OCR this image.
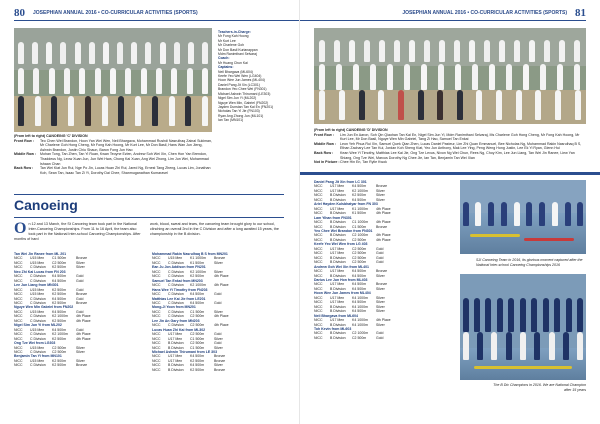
80 JOSEPHIAN ANNUAL 2016 • CO-CURRICULAR ACTIVITIES (SPORTS)
Teachers-in-Charge:
Mr Fong Kah Hoong
Mr Kurt Lee
Mr Charlene Goh
Mr Don Basil Kurianappan
Mdm Ranimthani Selvaraj
Coach:
Mr Huang Chun Kai
Captains:
Neil Bhargava (ML604)
Keefe Yeo Wei Wen (LG404)
Hoon Wee Jun James (ML404)
Daniel Pang Jit Xin (LC301)
Brandon Yeo Chee Wei (FN301)
Michael Ashwin Thirumani (LE303)
Nigel Sim Jun Yi (ML202)
Nguye Wen Min, Gabriel (FN202)
Jayden Dunstan Tan Kai En (FN201)
Nicholas Tan Yi Jie (FN103)
Ryan Ang Zhong Jun (ML101)
Ian Tan (MN101)
(From left to right) CANOEING 'C' DIVISION
Front Row :	Teo Chen Wei Brandon, Hoon Yan Wei Wen, Neil Bhargava, Mohammad Rushdi Nasrulhaq Zainal Sukiman, Mr Charlene Goh Hong Cheng, Mr Fong Kah Hoong, Mr Kurt Lee, Mr Don Basil, Hans Wan Jun Jieng, Ashwin Brandon, Justin Chiu Shaun, Baron Fong Jun Hao
Middle Row :	Mohan Tong, Tan Zhen, Tan Yi Ruan, Kwan Teoyne Ezlen, Andrew Soh Wei Xin, Chen Hon Yan Brendon, Thaddeus Ng, Leow Xuan Jun, Jun Wei Hwa, Chong Kai Xuan, Ang Wei Zhong, Lim Jun Wei, Mohammad Ishaan Chan
Back Row :	Tan Wei Kiat Jun Rui, Nge Po Jin, Lucas Huan Zhi Rui, Jared Ng, Ernest Tang Zheng, Lucas Lim, Jonathan Koh, Sean Tan, Isaac Tan Zi Yi, Dorothy Dai Chee, Shanmuganathan Kumaravel
Canoeing
On 12 and 13 March, the St Canoeing team took part in the National Inter-Canoeing Championships. From 11 to 16 April, the team also took part in the National Inter-school Canoeing Championships. After months of hard
work, blood, sweat and tears, the canoeing team brought glory to our school, clinching an overall 2nd in the C Division and after a long awaited 15 years, the championship in the B division.
Tan Wei Jin Ranee from ML 201
NICC	U15 Men	C1 500m	Bronze
NICC	U15 Men	C2 500m	Silver
NICC	C Division	K2 500m	Silver
Neo Zhi Kai Lucas from FN 203
NICC	C Division	K4 500m	Gold
NICC	C Division	K4 500m	Gold
Lee Jun Liang from MN301
NICC	U15 Men	K2 500m	Gold
NICC	U15 Men	K2 500m	Bronze
NICC	C Division	K4 500m	Gold
NICC	C Division	K2 500m	Bronze
Nguye Wen Min Gabriel from FN202
NICC	U15 Men	K4 500m	Gold
NICC	C Division	K2 1000m	4th Place
NICC	C Division	K2 500m	4th Place
Nigel Sim Jun Yi from ML202
NICC	U15 Men	K4 500m	Gold
NICC	C Division	K2 1000m	4th Place
NICC	C Division	K2 500m	4th Place
Ong Tze Wei from LG303
NICC	U15 Men	C2 500m	Silver
NICC	C Division	C2 500m	Silver
Benjamin Tan Yi from MN101
NICC	U15 Men	K2 500m	Silver
NICC	C Division	K2 500m	Bronze
Mohammad Rakin Nasrulhaq B S from MN201
NICC	U15 Men	K1 1000m	Bronze
NICC	C Division	K1 500m	Silver
Ean Ju Jon Addison from FN201
NICC	C Division	K2 1000m	Silver
NICC	C Division	K2 500m	4th Place
Samuel Tan Enkai from MN203
NICC	C Division	K2 1000m	4th Place
Hans Wee Yi Timothy from FN203
NICC	C Division	K4 500m	Gold
Matthias Lee Kai Jie from LE201
NICC	C Division	K4 500m	Gold
Mong-Ji Yoon from MN201
NICC	C Division	C1 500m	Silver
NICC	C Division	C2 500m	4th Place
Lee Jin An Gary from MN203
NICC	C Division	C2 500m	4th Place
Lucas Huan Zhi Kai from ML302
NICC	U17 Men	C2 500m	Gold
NICC	U17 Men	C1 500m	Silver
NICC	B Division	C2 500m	Gold
NICC	B Division	C1 500m	Silver
Michael Ashwin Thirumani from LE 303
NICC	U17 Men	K4 500m	Bronze
NICC	U17 Men	K2 500m	Bronze
NICC	B Division	K4 500m	Silver
NICC	B Division	K2 500m	Bronze
JOSEPHIAN ANNUAL 2016 • CO-CURRICULAR ACTIVITIES (SPORTS) 81
(From left to right) CANOEING 'D' DIVISION
Front Row :	Lim Jun En Aaron, Soh Qin Qiaohan Tan Kai En, Nigel Sim Jun Yi, Mdm Ranimthani Selvaraj, Ms Charlene Goh Hong Cheng, Mr Fong Kah Hoong, Mr Kurt Lee, Mr Don Basil, Nguye Wen Min Gabriel, Tang Zi Hao, Samuel Tan Enkai
Middle Row :	Leon Yeh Phua Rui Xin, Samuel Quek Qian Zhen, Lucas Daniel Pasteur, Lim Zhi Quan Emmanuel, Bee Nicholas Ng, Muhammad Rakin Nasrulhaq B S, Ethan Zachary Lee Tan Kui, Jordan Koh Sheng Kiat, Yeo Jun Anthony, Mak Lee Ying, Peng Weng Hong Justin, Lee Ek Yi Ryan, Glenn Hui
Back Row :	Kean Wee Yi Timothy, Matthias Lee Kai Jie, Ong Tze Lexus, Nixon Ng Wei Chun, Rees Ng, Choy Kim, Lee Jun Liang, Tan Wei Jin Ranee, Liew Yan Shiang, Ong Tze Wei, Marcus Dorothy Ng Chee Jie, Ian Tan, Benjamin Tan Wei Xian
Not in Picture : Chee Hin En, Tan Rylie Kwok
Daniel Pang Jit Xin from LC 301
NICC	U17 Men	K4 500m	Bronze
NICC	U17 Men	K2 1000m	Silver
NICC	B Division	K2 500m	Silver
NICC	B Division	K4 500m	Silver
Ariel Hayden Kulsbhatyar from FN 303
NICC	U17 Men	K1 1000m	4th Place
NICC	B Division	K1 500m	4th Place
Lam Yihan from FN301
NICC	B Division	C1 1000m	4th Place
NICC	B Division	C1 500m	Bronze
Yeo Chee Wei Brandon from FN301
NICC	B Division	C2 1000m	4th Place
NICC	B Division	C2 500m	4th Place
Keefe Yeo Wei Wen from LG 403
NICC	U17 Men	C2 500m	Gold
NICC	U17 Men	C2 500m	Gold
NICC	B Division	C2 500m	Gold
NICC	B Division	C2 500m	Gold
Andrew Goh Wei Xin from ML401
NICC	U17 Men	K4 500m	Bronze
NICC	B Division	K4 500m	Silver
Darius Lee Jun Hon from ML403
NICC	U17 Men	K4 500m	Bronze
NICC	B Division	K4 500m	Silver
Hoon Wee Jun James from ML404
NICC	U17 Men	K4 1000m	Silver
NICC	U17 Men	K4 500m	Silver
NICC	B Division	K4 1000m	Silver
NICC	B Division	K4 500m	Silver
Neil Bhargava from ML604
NICC	U17 Men	K4 1000m	4th Place
NICC	B Division	K4 1000m	Silver
Toh Kevin from ML603
NICC	B Division	C2 1000m	Gold
NICC	B Division	C2 500m	Gold
SJI Canoeing Team in 2016, its glorious moment captured after the National Inter-school Canoeing Championships 2016
The B Div Champions in 2016. We are National Champion after 15 years
